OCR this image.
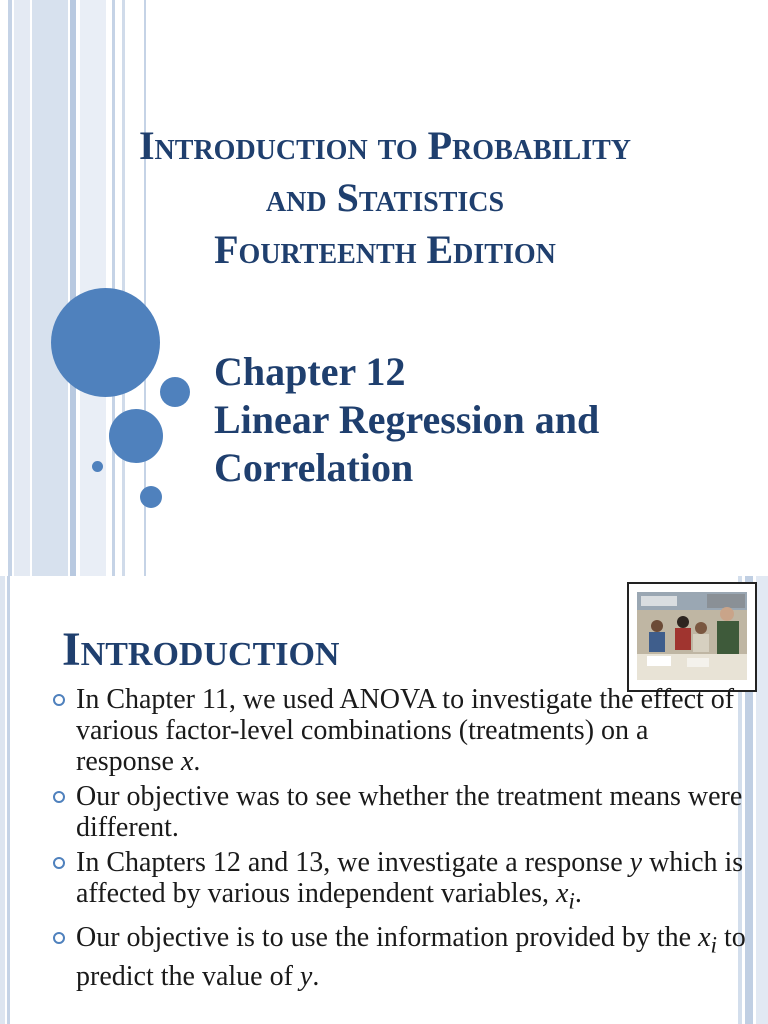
Introduction to Probability
and Statistics
Fourteenth Edition
Chapter 12
Linear Regression and
Correlation
Introduction
In Chapter 11, we used ANOVA to investigate the effect of various factor-level combinations (treatments) on a response x.
Our objective was to see whether the treatment means were different.
In Chapters 12 and 13, we investigate a response y which is affected by various independent variables, $x_i$.
Our objective is to use the information provided by the $x_i$ to predict the value of y.
